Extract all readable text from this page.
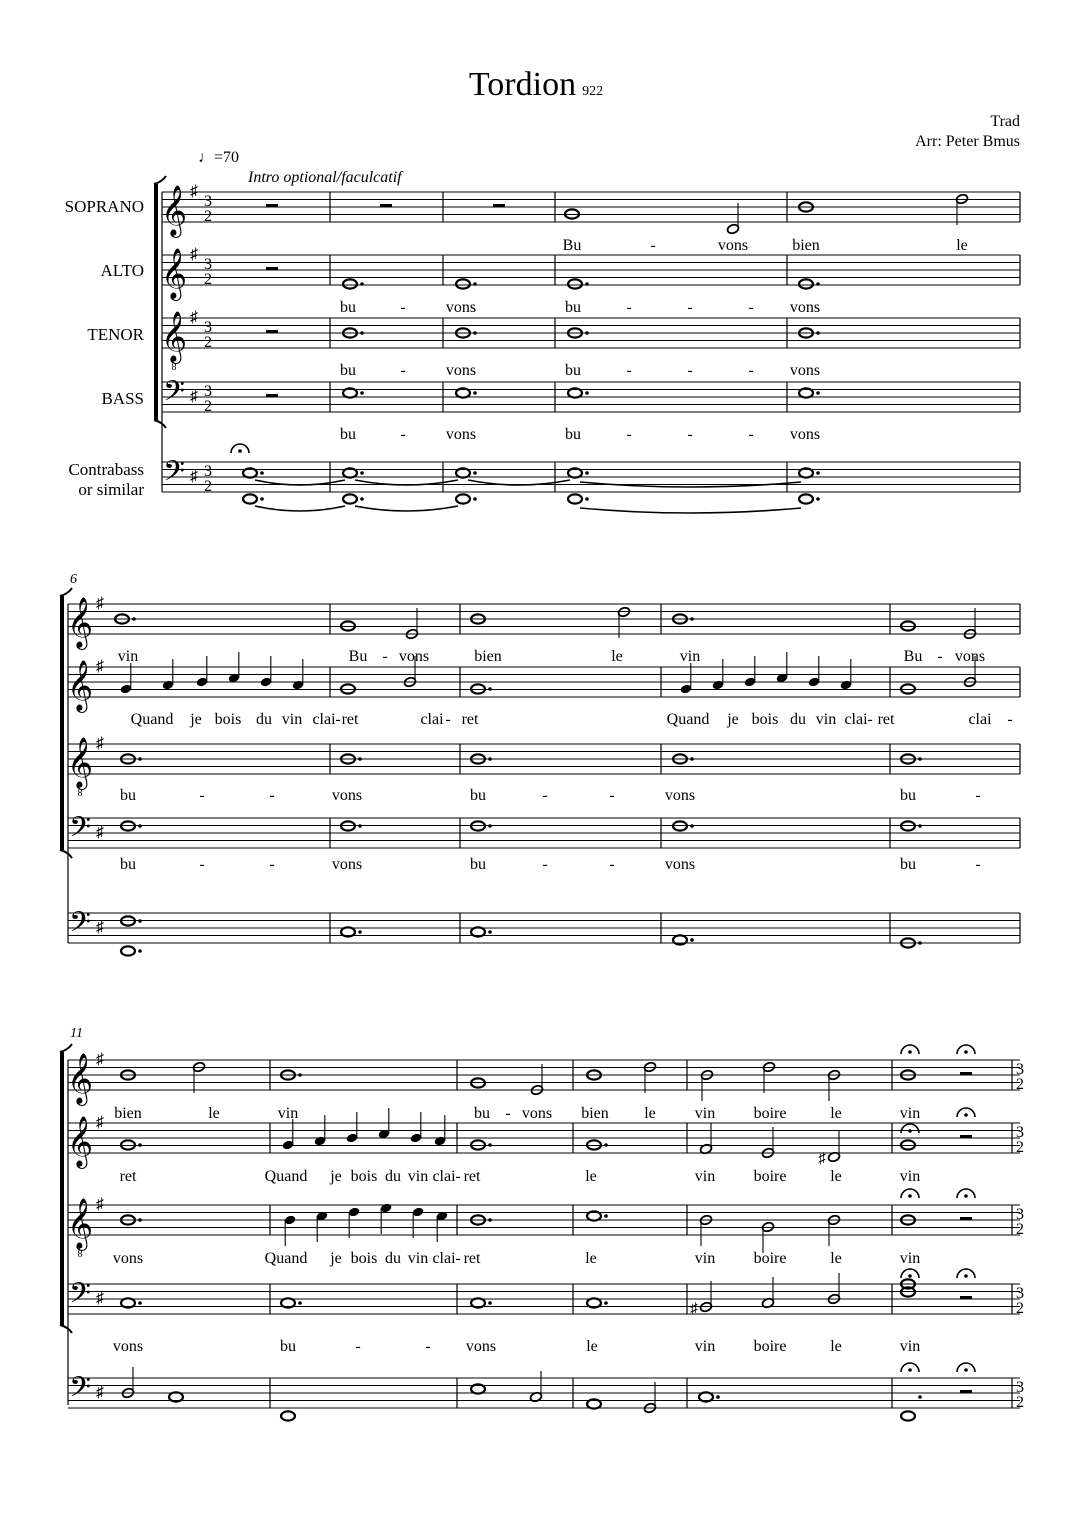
Tordion 922
Trad
Arr: Peter Bmus
♩=70
Intro optional/faculcatif
SOPRANO
ALTO
TENOR
BASS
Contrabass
or similar
6
11
𝄞 ♯
3
2
𝄞 ♯
3
2
𝄞
8
♯
3
2
𝄢 ♯ 3
2
𝄢 ♯ 3
2
Bu	-	vons	bien	le
bu	-	vons	bu	-	-	- vons
bu	-	vons	bu	-	-	- vons
bu	-	vons	bu	-	-	- vons
𝄞 ♯
𝄞 ♯
𝄞
8
♯
𝄢 ♯
𝄢 ♯
vin	Bu - vons	bien	le	vin	Bu - vons
Quand je bois du vin clai - ret	clai - ret	Quand je bois du vin clai - ret	clai -
bu	-	-	vons	bu	-	-	vons	bu	-
bu	-	-	vons	bu	-	-	vons	bu	-
𝄞 ♯
3
2
𝄞 ♯
3
2
𝄞
8
♯
3
2
𝄢 ♯	3
2
𝄢 ♯	3
2
♯
♯
bien	le	vin	bu - vons bien le vin boire	le	vin
ret	Quand je bois du vin clai - ret	le	vin boire	le	vin
vons	Quand je bois du vin clai - ret	le	vin boire	le	vin
vons	bu	-	- vons	le	vin boire	le	vin
